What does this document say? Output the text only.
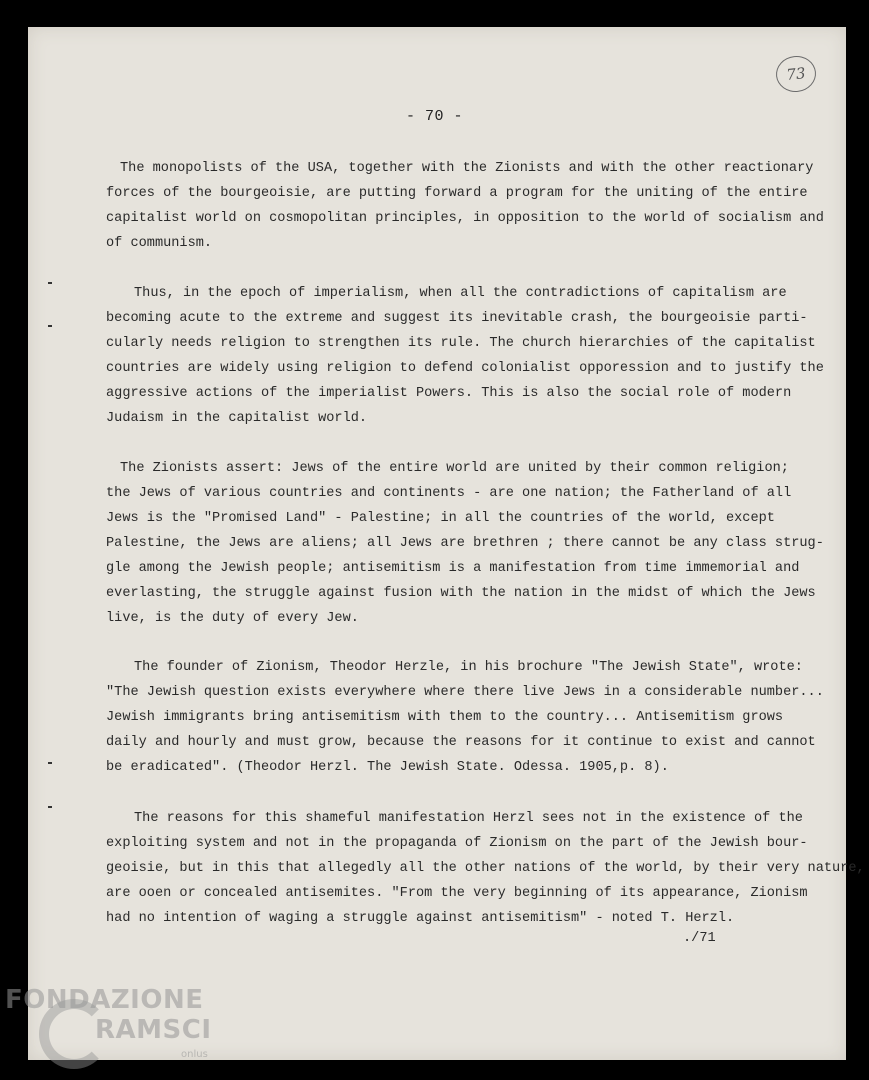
73
- 70 -
The monopolists of the USA, together with the Zionists and with the other reactionary
forces of the bourgeoisie, are putting forward a program for the uniting of the entire
capitalist world on cosmopolitan principles, in opposition to the world of socialism and
of communism.
Thus, in the epoch of imperialism, when all the contradictions of capitalism are
becoming acute to the extreme and suggest its inevitable crash, the bourgeoisie parti-
cularly needs religion to strengthen its rule. The church hierarchies of the capitalist
countries are widely using religion to defend colonialist opporession and to justify the
aggressive actions of the imperialist Powers. This is also the social role of modern
Judaism in the capitalist world.
The Zionists assert: Jews of the entire world are united by their common religion;
the Jews of various countries and continents - are one nation; the Fatherland of all
Jews is the "Promised Land" - Palestine; in all the countries of the world, except
Palestine, the Jews are aliens; all Jews are brethren ; there cannot be any class strug-
gle among the Jewish people; antisemitism is a manifestation from time immemorial and
everlasting, the struggle against fusion with the nation in the midst of which the Jews
live, is the duty of every Jew.
The founder of Zionism, Theodor Herzle, in his brochure "The Jewish State", wrote:
"The Jewish question exists everywhere where there live Jews in a considerable number...
Jewish immigrants bring antisemitism with them to the country... Antisemitism grows
daily and hourly and must grow, because the reasons for it continue to exist and cannot
be eradicated". (Theodor Herzl. The Jewish State. Odessa. 1905,p. 8).
The reasons for this shameful manifestation Herzl sees not in the existence of the
exploiting system and not in the propaganda of Zionism on the part of the Jewish bour-
geoisie, but in this that allegedly all the other nations of the world, by their very nature,
are ooen or concealed antisemites. "From the very beginning of its appearance, Zionism
had no intention of waging a struggle against antisemitism" - noted T. Herzl.
./71
FONDAZIONE
RAMSCI
onlus
